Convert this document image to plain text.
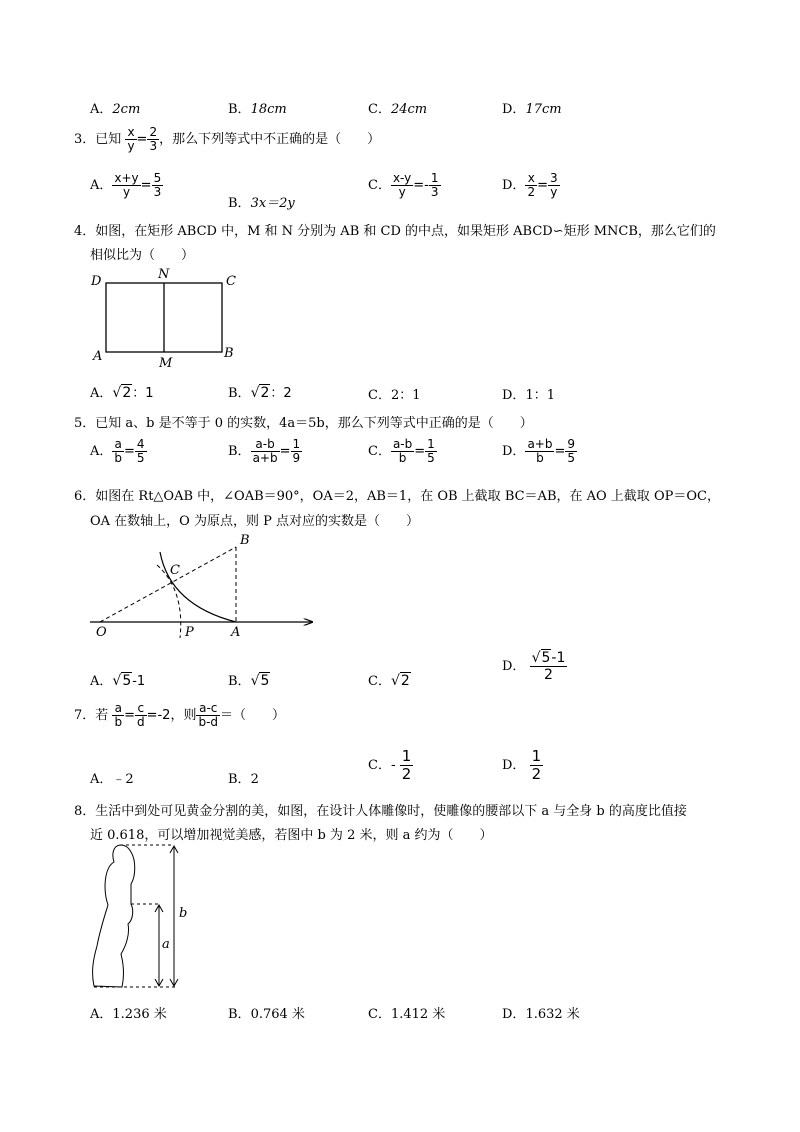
A．2cm	B．18cm	C．24cm	D．17cm
3．已知 $\frac{x}{y} = \frac{2}{3}$ ，那么下列等式中不正确的是（　　）
A． $\frac{x+y}{y} = \frac{5}{3}$
B．3x＝2y
C． $\frac{x-y}{y} =- \frac{1}{3}$	D． $\frac{x}{2} = \frac{3}{y}$
4．如图，在矩形 ABCD 中，M 和 N 分别为 AB 和 CD 的中点，如果矩形 ABCD∽矩形 MNCB，那么它们的
相似比为（　　）
D	N	C
A	M
B
A．√2：1	B．√2：2	C．2：1	D．1：1
5．已知 a、b 是不等于 0 的实数，4a＝5b，那么下列等式中正确的是（　　）
A． $\frac{a}{b} = \frac{4}{5}$	B． $\frac{a-b}{a+b} = \frac{1}{9}$	C． $\frac{a-b}{b} = \frac{1}{5}$	D． $\frac{a+b}{b} = \frac{9}{5}$
6．如图在 Rt△OAB 中，∠OAB＝90°，OA＝2，AB＝1，在 OB 上截取 BC＝AB，在 AO 上截取 OP＝OC，
OA 在数轴上，O 为原点，则 P 点对应的实数是（　　）
B
C
O	P	A
A．√5-1	B．√5	C．√2
D． $\frac{√5-1}{2}$
7．若 $\frac{a}{b} = \frac{c}{d} =-2$，则 $\frac{a-c}{b-d}$ ＝（　　）
A．﹣2	B．2
C．- $\frac{1}{2}$	D． $\frac{1}{2}$
8．生活中到处可见黄金分割的美，如图，在设计人体雕像时，使雕像的腰部以下 a 与全身 b 的高度比值接
近 0.618，可以增加视觉美感，若图中 b 为 2 米，则 a 约为（　　）
b
a
A．1.236 米	B．0.764 米	C．1.412 米	D．1.632 米
